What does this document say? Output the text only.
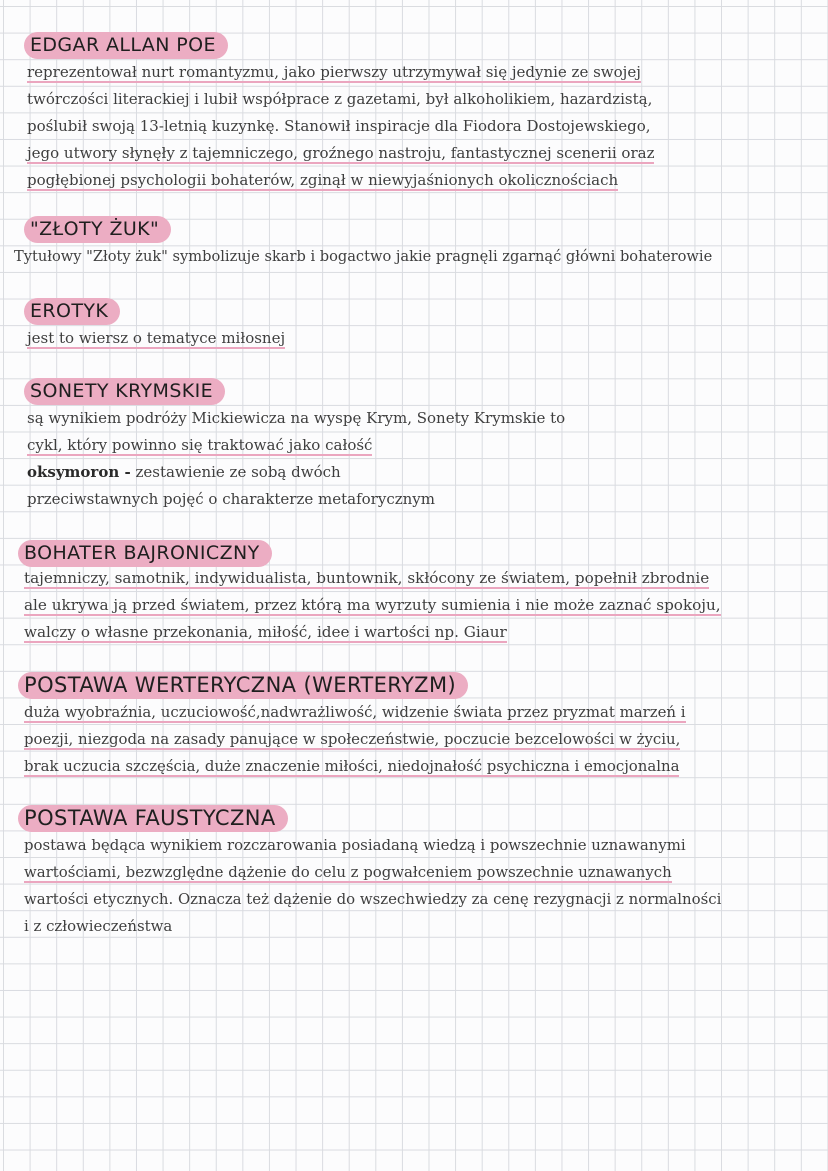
EDGAR ALLAN POE
reprezentował nurt romantyzmu, jako pierwszy utrzymywał się jedynie ze swojej
twórczości literackiej i lubił współprace z gazetami, był alkoholikiem, hazardzistą,
poślubił swoją 13-letnią kuzynkę. Stanowił inspiracje dla Fiodora Dostojewskiego,
jego utwory słynęły z tajemniczego, groźnego nastroju, fantastycznej scenerii oraz
pogłębionej psychologii bohaterów, zginął w niewyjaśnionych okolicznościach
"ZŁOTY ŻUK"
Tytułowy "Złoty żuk" symbolizuje skarb i bogactwo jakie pragnęli zgarnąć główni bohaterowie
EROTYK
jest to wiersz o tematyce miłosnej
SONETY KRYMSKIE
są wynikiem podróży Mickiewicza na wyspę Krym, Sonety Krymskie to
cykl, który powinno się traktować jako całość
oksymoron - zestawienie ze sobą dwóch
przeciwstawnych pojęć o charakterze metaforycznym
BOHATER BAJRONICZNY
tajemniczy, samotnik, indywidualista, buntownik, skłócony ze światem, popełnił zbrodnie
ale ukrywa ją przed światem, przez którą ma wyrzuty sumienia i nie może zaznać spokoju,
walczy o własne przekonania, miłość, idee i wartości np. Giaur
POSTAWA WERTERYCZNA (WERTERYZM)
duża wyobraźnia, uczuciowość,nadwrażliwość, widzenie świata przez pryzmat marzeń i
poezji, niezgoda na zasady panujące w społeczeństwie, poczucie bezcelowości w życiu,
brak uczucia szczęścia, duże znaczenie miłości, niedojnałość psychiczna i emocjonalna
POSTAWA FAUSTYCZNA
postawa będąca wynikiem rozczarowania posiadaną wiedzą i powszechnie uznawanymi
wartościami, bezwzględne dążenie do celu z pogwałceniem powszechnie uznawanych
wartości etycznych. Oznacza też dążenie do wszechwiedzy za cenę rezygnacji z normalności
i z człowieczeństwa
